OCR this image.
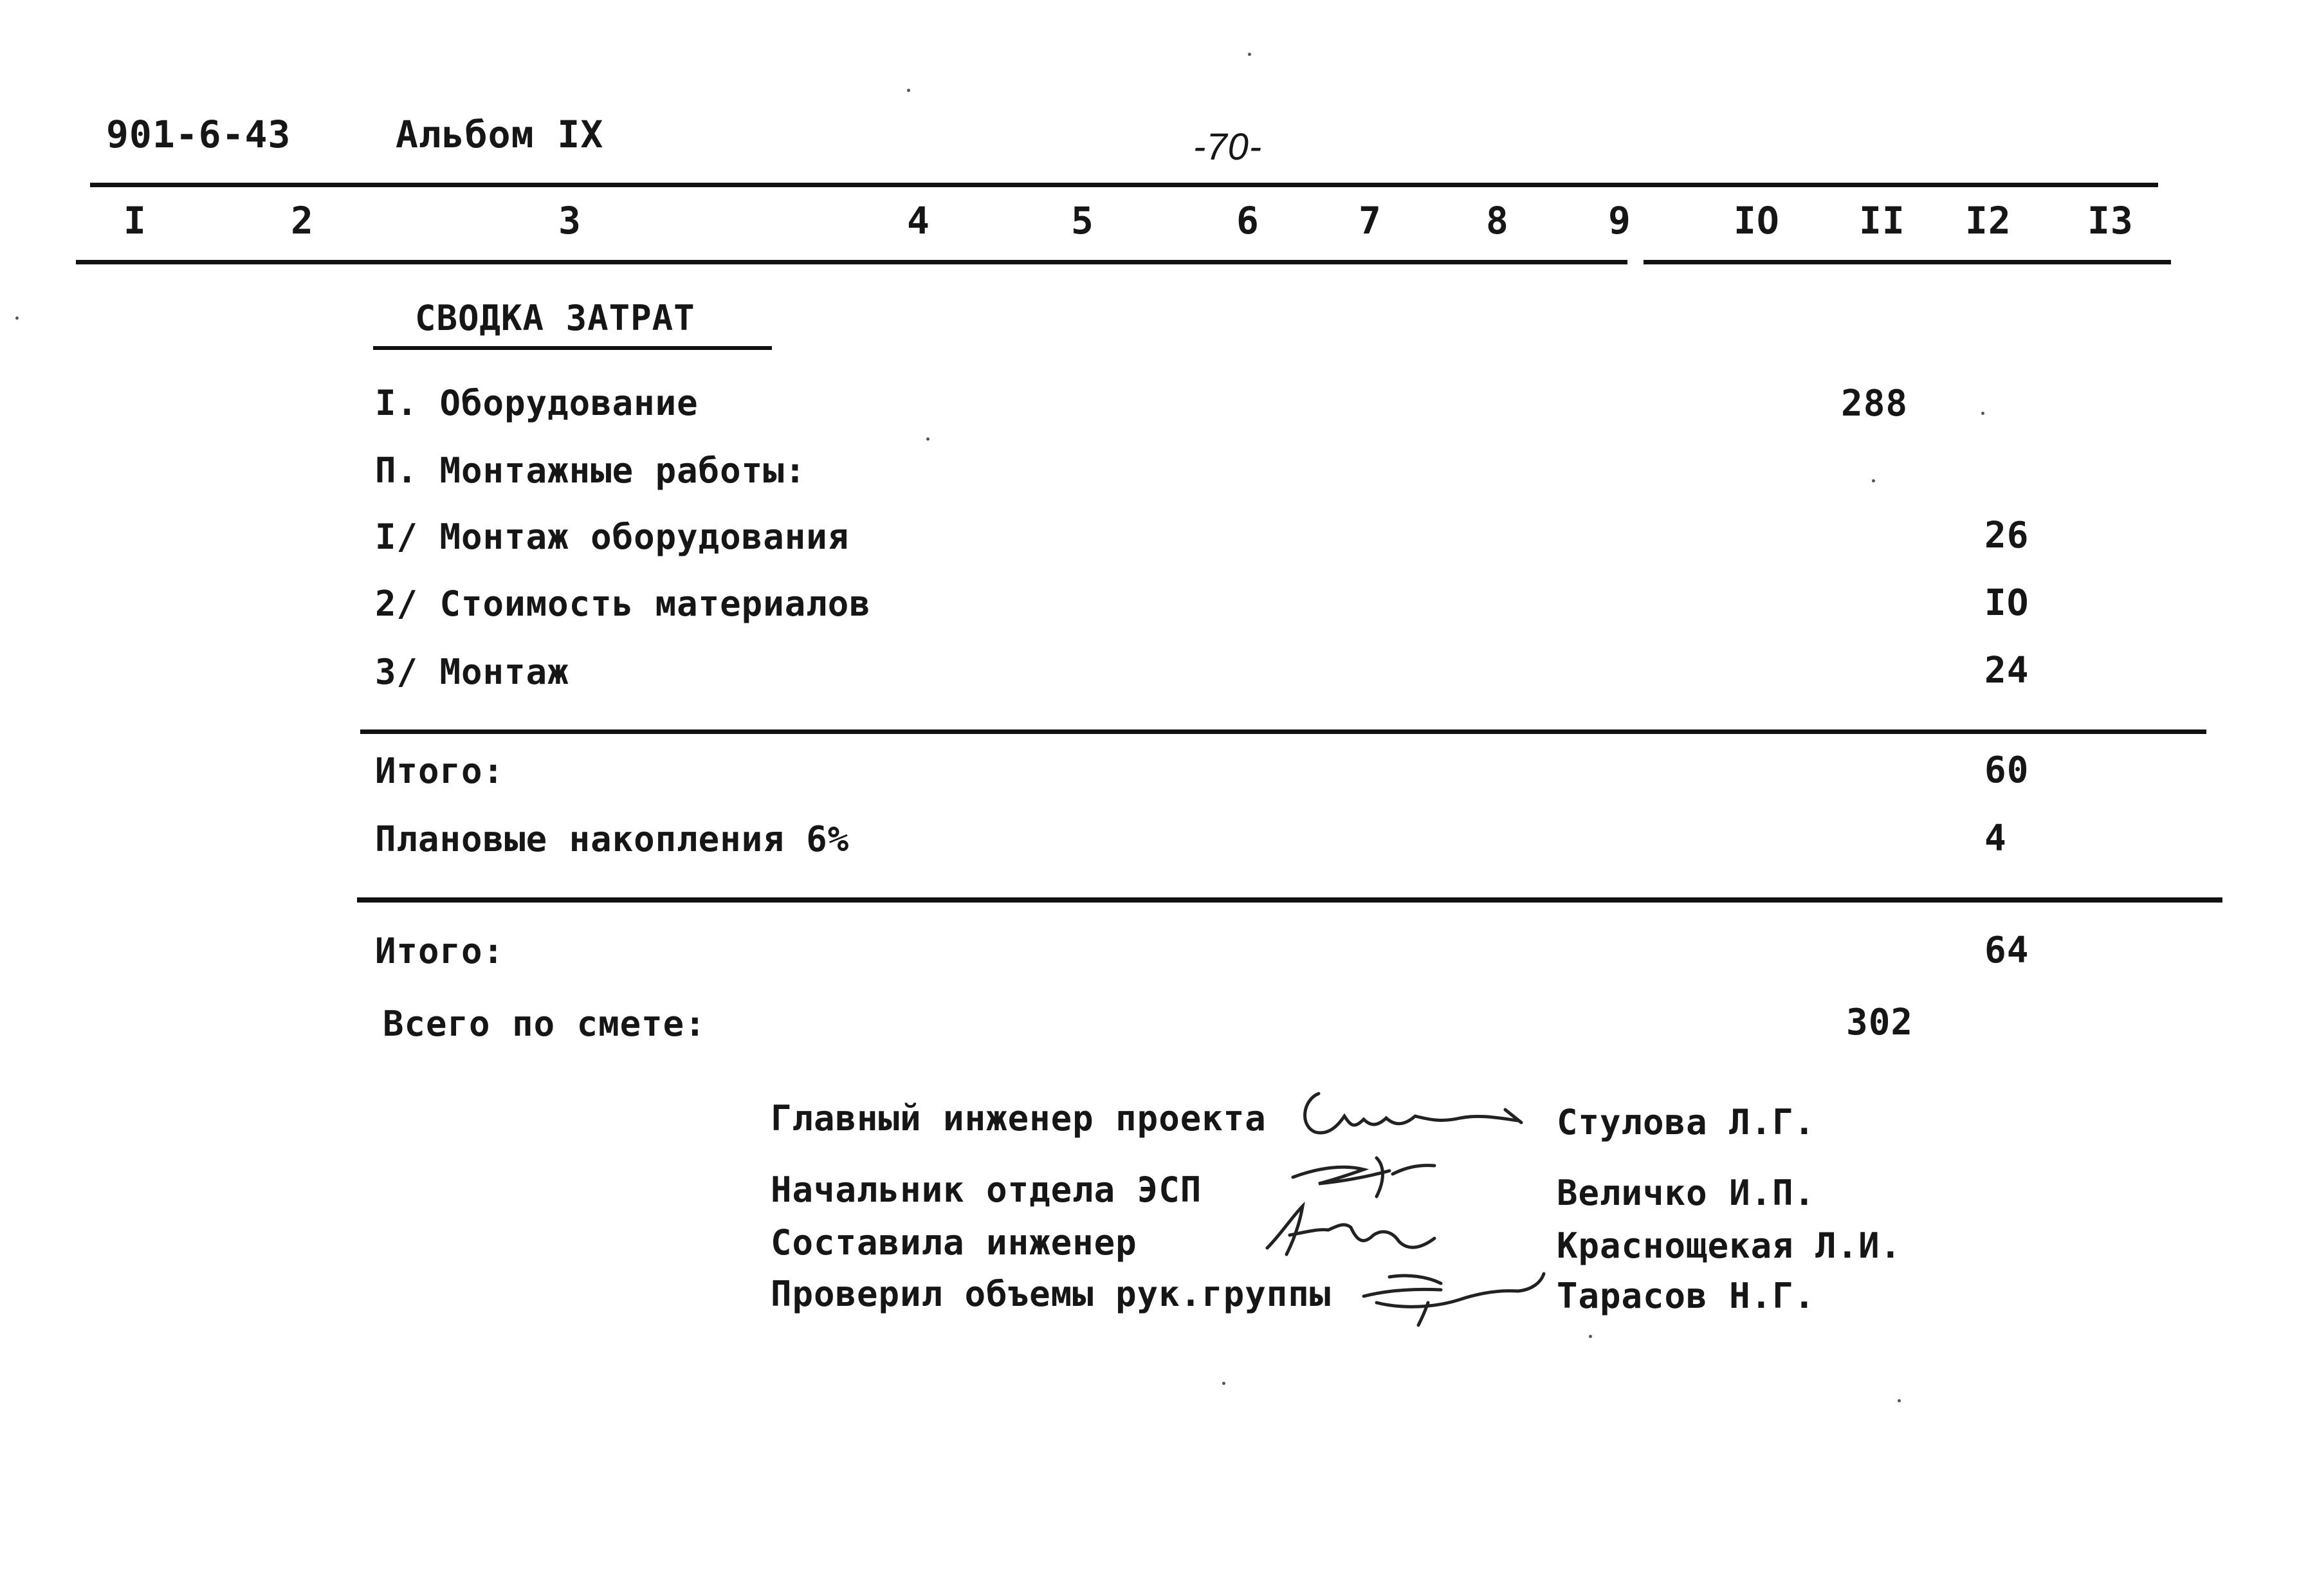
901-6-43	Альбом IX	-70-
I	2	3	4	5	6	7	8	9	IO II I2 I3
СВОДКА ЗАТРАТ
I. Оборудование	288
П. Монтажные работы:
I/ Монтаж оборудования	26
2/ Стоимость материалов	IO
3/ Монтаж	24
Итого:	60
Плановые накопления 6%	4
Итого:	64
Всего по смете:	302
Главный инженер проекта	Стулова Л.Г.
Начальник отдела ЭСП	Величко И.П.
Составила инженер	Краснощекая Л.И.
Проверил объемы рук.группы	Тарасов Н.Г.
